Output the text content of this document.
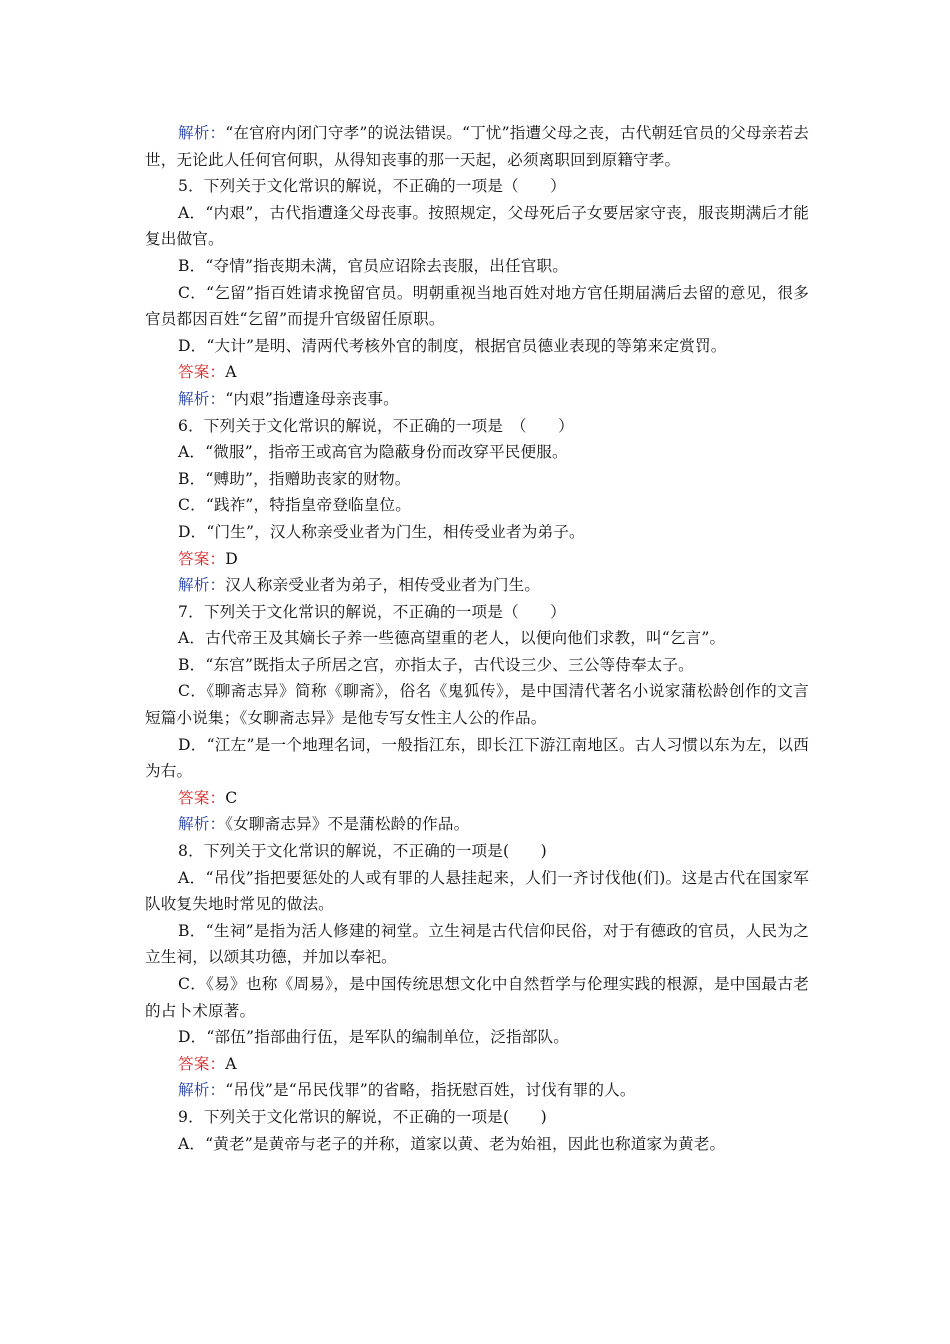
解析：“在官府内闭门守孝”的说法错误。“丁忧”指遭父母之丧，古代朝廷官员的父母亲若去世，无论此人任何官何职，从得知丧事的那一天起，必须离职回到原籍守孝。
5．下列关于文化常识的解说，不正确的一项是（　　）
A．“内艰”，古代指遭逢父母丧事。按照规定，父母死后子女要居家守丧，服丧期满后才能复出做官。
B．“夺情”指丧期未满，官员应诏除去丧服，出任官职。
C．“乞留”指百姓请求挽留官员。明朝重视当地百姓对地方官任期届满后去留的意见，很多官员都因百姓“乞留”而提升官级留任原职。
D．“大计”是明、清两代考核外官的制度，根据官员德业表现的等第来定赏罚。
答案：A
解析：“内艰”指遭逢母亲丧事。
6．下列关于文化常识的解说，不正确的一项是　（　　）
A．“微服”，指帝王或高官为隐蔽身份而改穿平民便服。
B．“赙助”，指赠助丧家的财物。
C．“践祚”，特指皇帝登临皇位。
D．“门生”，汉人称亲受业者为门生，相传受业者为弟子。
答案：D
解析：汉人称亲受业者为弟子，相传受业者为门生。
7．下列关于文化常识的解说，不正确的一项是（　　）
A．古代帝王及其嫡长子养一些德高望重的老人，以便向他们求教，叫“乞言”。
B．“东宫”既指太子所居之宫，亦指太子，古代设三少、三公等侍奉太子。
C．《聊斋志异》简称《聊斋》，俗名《鬼狐传》，是中国清代著名小说家蒲松龄创作的文言短篇小说集；《女聊斋志异》是他专写女性主人公的作品。
D．“江左”是一个地理名词，一般指江东，即长江下游江南地区。古人习惯以东为左，以西为右。
答案：C
解析：《女聊斋志异》不是蒲松龄的作品。
8．下列关于文化常识的解说，不正确的一项是(　　)
A．“吊伐”指把要惩处的人或有罪的人悬挂起来，人们一齐讨伐他(们)。这是古代在国家军队收复失地时常见的做法。
B．“生祠”是指为活人修建的祠堂。立生祠是古代信仰民俗，对于有德政的官员，人民为之立生祠，以颂其功德，并加以奉祀。
C．《易》也称《周易》，是中国传统思想文化中自然哲学与伦理实践的根源，是中国最古老的占卜术原著。
D．“部伍”指部曲行伍，是军队的编制单位，泛指部队。
答案：A
解析：“吊伐”是“吊民伐罪”的省略，指抚慰百姓，讨伐有罪的人。
9．下列关于文化常识的解说，不正确的一项是(　　)
A．“黄老”是黄帝与老子的并称，道家以黄、老为始祖，因此也称道家为黄老。
